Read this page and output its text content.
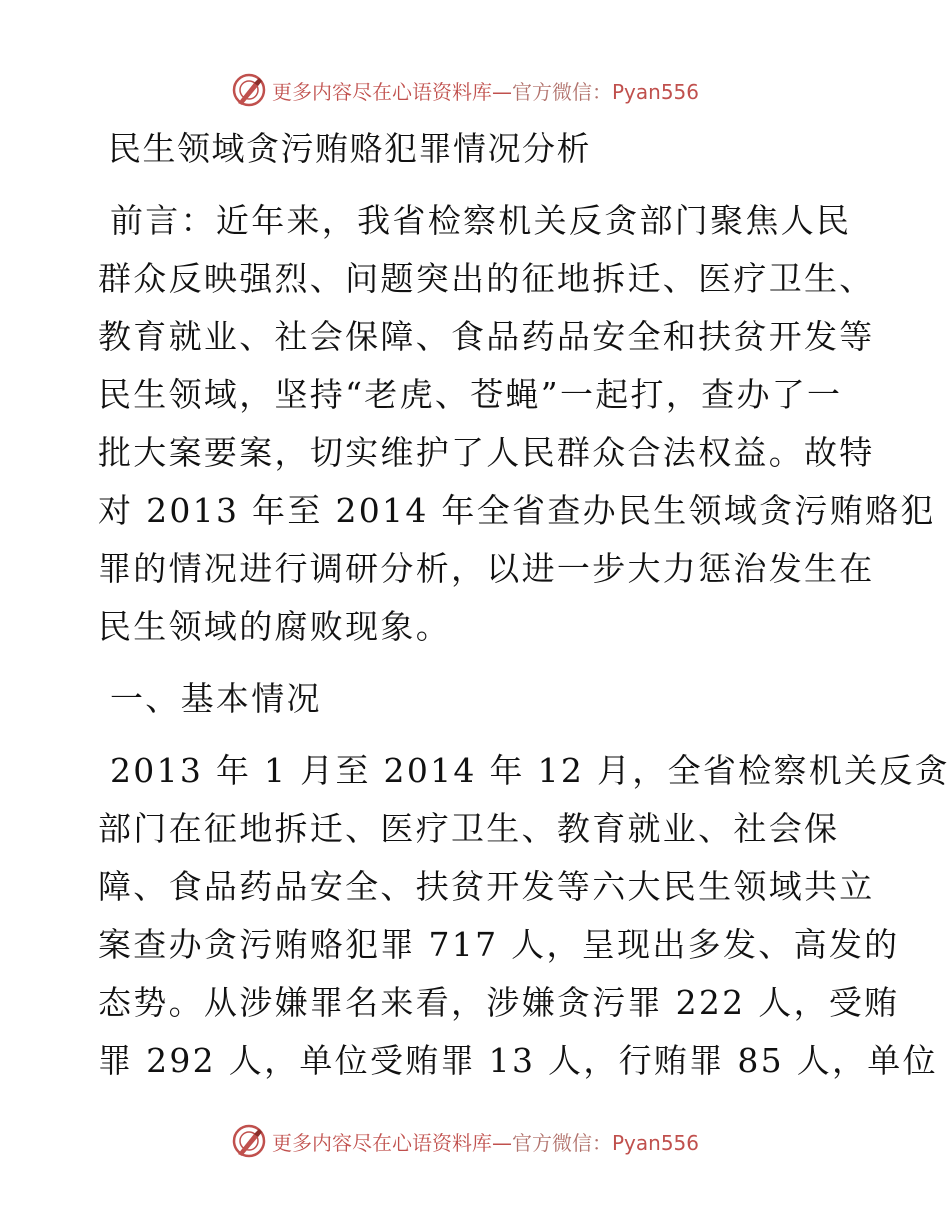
更多内容尽在心语资料库—官方微信：Pyan556
民生领域贪污贿赂犯罪情况分析
前言：近年来，我省检察机关反贪部门聚焦人民
群众反映强烈、问题突出的征地拆迁、医疗卫生、
教育就业、社会保障、食品药品安全和扶贫开发等
民生领域，坚持“老虎、苍蝇”一起打，查办了一
批大案要案，切实维护了人民群众合法权益。故特
对 2013 年至 2014 年全省查办民生领域贪污贿赂犯
罪的情况进行调研分析，以进一步大力惩治发生在
民生领域的腐败现象。
一、基本情况
2013 年 1 月至 2014 年 12 月，全省检察机关反贪
部门在征地拆迁、医疗卫生、教育就业、社会保
障、食品药品安全、扶贫开发等六大民生领域共立
案查办贪污贿赂犯罪 717 人，呈现出多发、高发的
态势。从涉嫌罪名来看，涉嫌贪污罪 222 人，受贿
罪 292 人，单位受贿罪 13 人，行贿罪 85 人，单位
更多内容尽在心语资料库—官方微信：Pyan556
